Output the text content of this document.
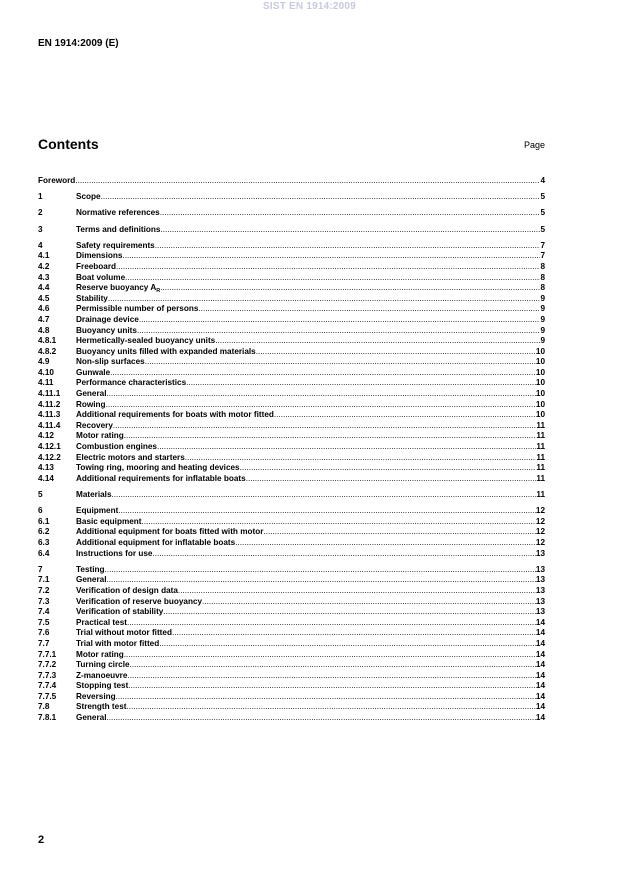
SIST EN 1914:2009
EN 1914:2009 (E)
Contents	Page
Foreword .....	4
1	Scope .....	5
2	Normative references .....	5
3	Terms and definitions .....	5
4	Safety requirements .....	7
4.1	Dimensions .....	7
4.2	Freeboard .....	8
4.3	Boat volume .....	8
4.4	Reserve buoyancy $A_R$ .....	8
4.5	Stability .....	9
4.6	Permissible number of persons .....	9
4.7	Drainage device .....	9
4.8	Buoyancy units .....	9
4.8.1	Hermetically-sealed buoyancy units .....	9
4.8.2	Buoyancy units filled with expanded materials .....	10
4.9	Non-slip surfaces .....	10
4.10	Gunwale .....	10
4.11	Performance characteristics .....	10
4.11.1	General .....	10
4.11.2	Rowing .....	10
4.11.3	Additional requirements for boats with motor fitted .....	10
4.11.4	Recovery .....	11
4.12	Motor rating .....	11
4.12.1	Combustion engines .....	11
4.12.2	Electric motors and starters .....	11
4.13	Towing ring, mooring and heating devices .....	11
4.14	Additional requirements for inflatable boats .....	11
5	Materials .....	11
6	Equipment .....	12
6.1	Basic equipment .....	12
6.2	Additional equipment for boats fitted with motor .....	12
6.3	Additional equipment for inflatable boats .....	12
6.4	Instructions for use .....	13
7	Testing .....	13
7.1	General .....	13
7.2	Verification of design data .....	13
7.3	Verification of reserve buoyancy .....	13
7.4	Verification of stability .....	13
7.5	Practical test .....	14
7.6	Trial without motor fitted .....	14
7.7	Trial with motor fitted .....	14
7.7.1	Motor rating .....	14
7.7.2	Turning circle .....	14
7.7.3	Z-manoeuvre .....	14
7.7.4	Stopping test .....	14
7.7.5	Reversing .....	14
7.8	Strength test .....	14
7.8.1	General .....	14
2
